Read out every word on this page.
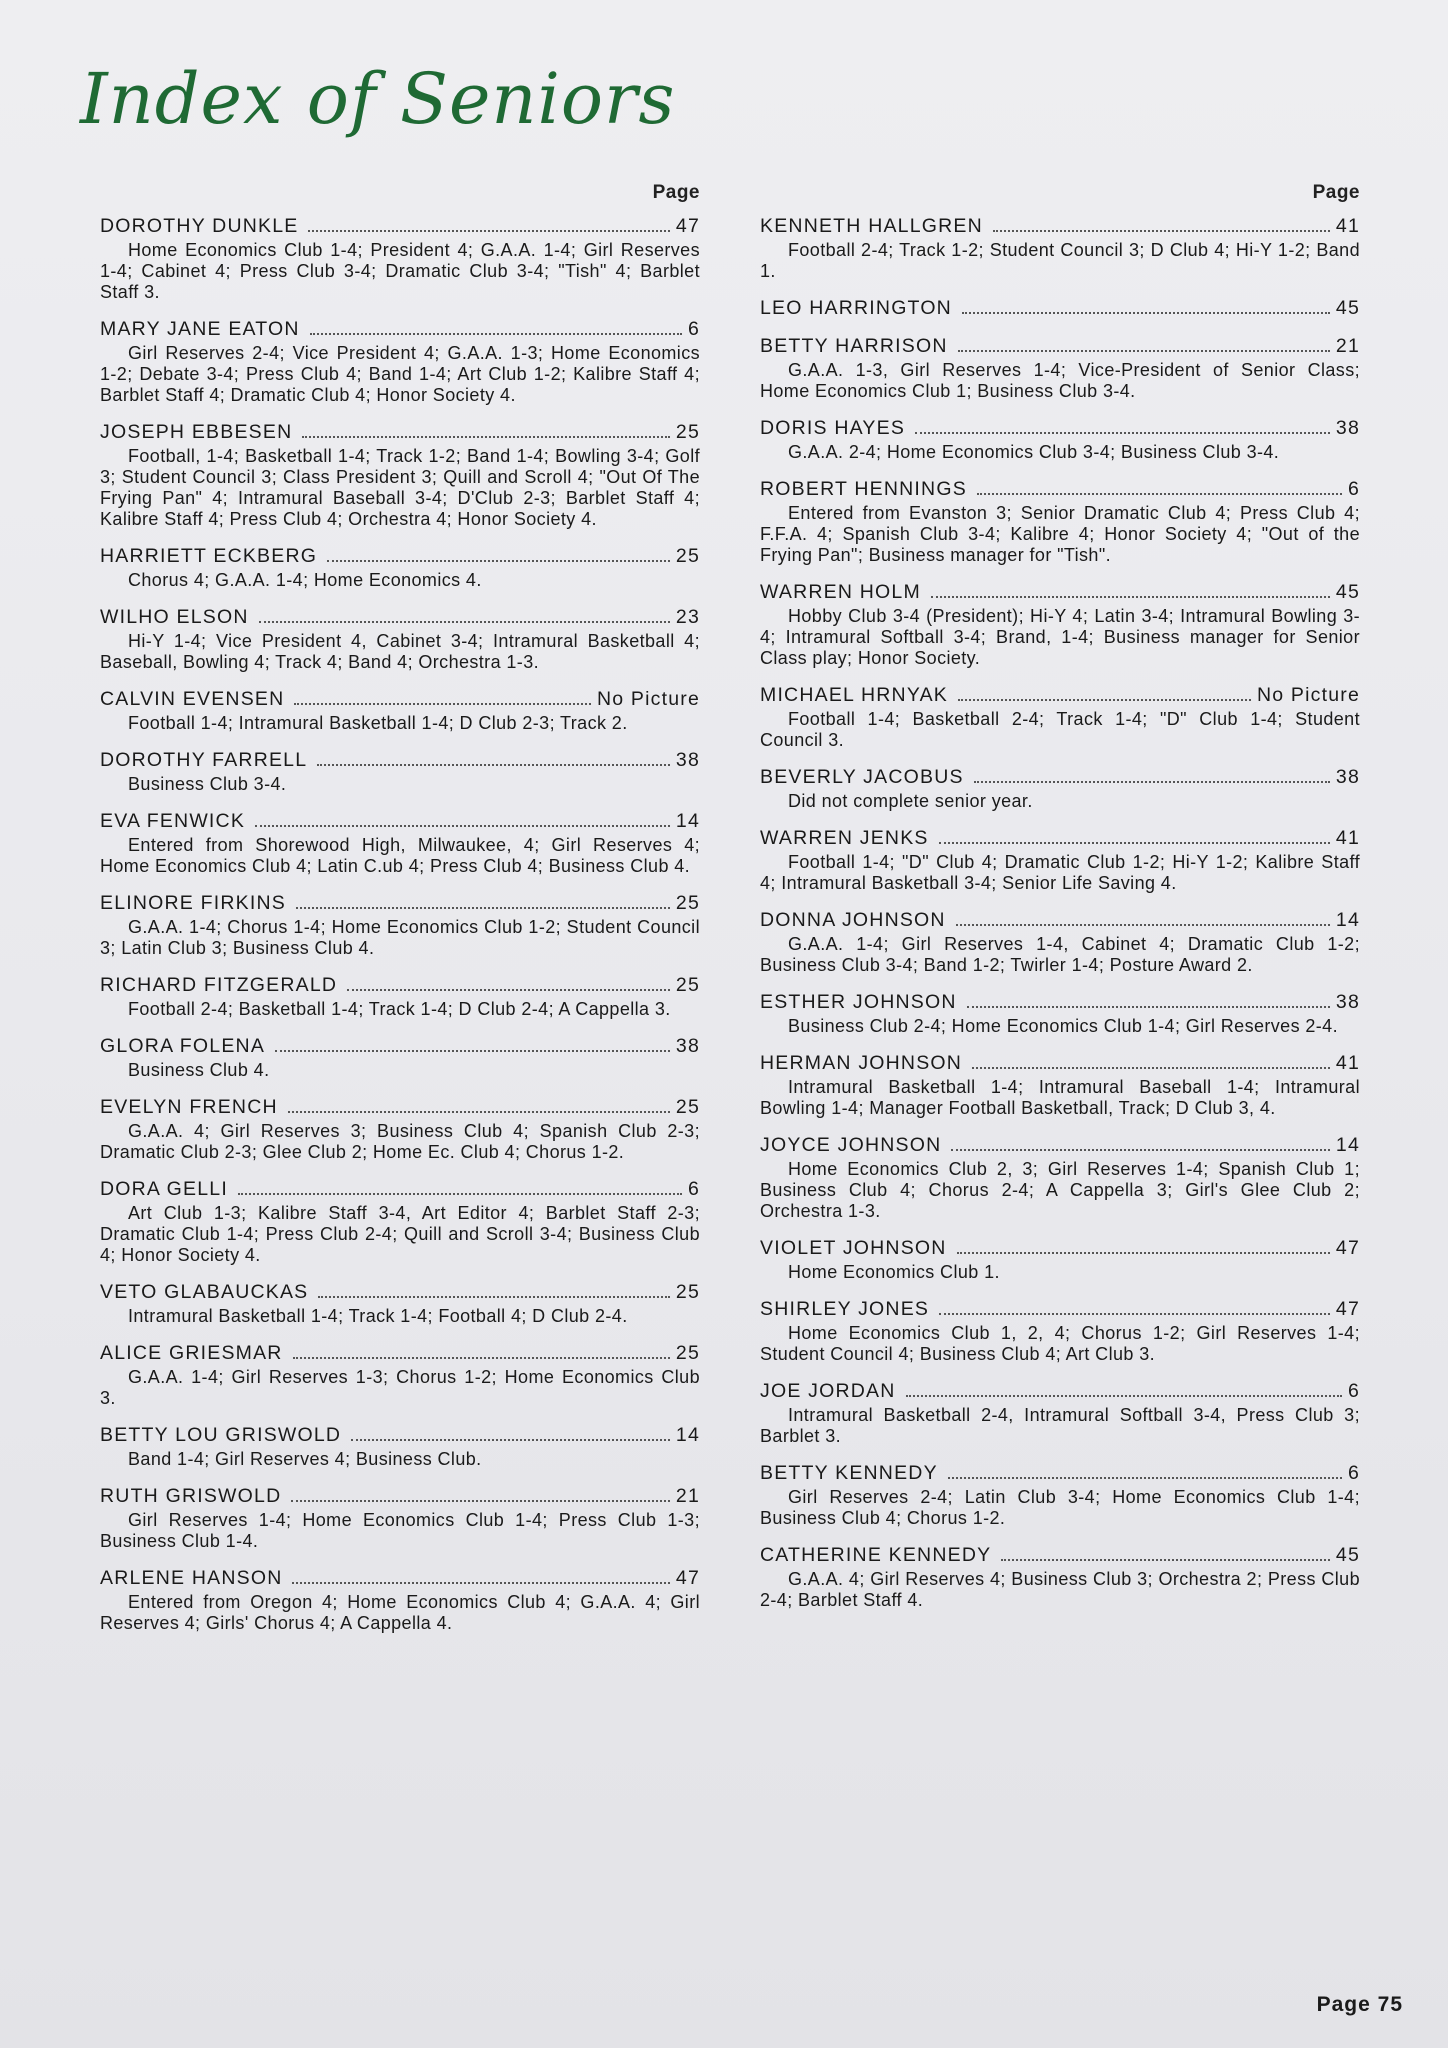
Index of Seniors
Page
DOROTHY DUNKLE	47
Home Economics Club 1-4; President 4; G.A.A. 1-4; Girl Reserves 1-4; Cabinet 4; Press Club 3-4; Dramatic Club 3-4; "Tish" 4; Barblet Staff 3.
MARY JANE EATON	6
Girl Reserves 2-4; Vice President 4; G.A.A. 1-3; Home Economics 1-2; Debate 3-4; Press Club 4; Band 1-4; Art Club 1-2; Kalibre Staff 4; Barblet Staff 4; Dramatic Club 4; Honor Society 4.
JOSEPH EBBESEN	25
Football, 1-4; Basketball 1-4; Track 1-2; Band 1-4; Bowling 3-4; Golf 3; Student Council 3; Class President 3; Quill and Scroll 4; "Out Of The Frying Pan" 4; Intramural Baseball 3-4; D'Club 2-3; Barblet Staff 4; Kalibre Staff 4; Press Club 4; Orchestra 4; Honor Society 4.
HARRIETT ECKBERG	25
Chorus 4; G.A.A. 1-4; Home Economics 4.
WILHO ELSON	23
Hi-Y 1-4; Vice President 4, Cabinet 3-4; Intramural Basketball 4; Baseball, Bowling 4; Track 4; Band 4; Orchestra 1-3.
CALVIN EVENSEN	No Picture
Football 1-4; Intramural Basketball 1-4; D Club 2-3; Track 2.
DOROTHY FARRELL	38
Business Club 3-4.
EVA FENWICK	14
Entered from Shorewood High, Milwaukee, 4; Girl Reserves 4; Home Economics Club 4; Latin C.ub 4; Press Club 4; Business Club 4.
ELINORE FIRKINS	25
G.A.A. 1-4; Chorus 1-4; Home Economics Club 1-2; Student Council 3; Latin Club 3; Business Club 4.
RICHARD FITZGERALD	25
Football 2-4; Basketball 1-4; Track 1-4; D Club 2-4; A Cappella 3.
GLORA FOLENA	38
Business Club 4.
EVELYN FRENCH	25
G.A.A. 4; Girl Reserves 3; Business Club 4; Spanish Club 2-3; Dramatic Club 2-3; Glee Club 2; Home Ec. Club 4; Chorus 1-2.
DORA GELLI	6
Art Club 1-3; Kalibre Staff 3-4, Art Editor 4; Barblet Staff 2-3; Dramatic Club 1-4; Press Club 2-4; Quill and Scroll 3-4; Business Club 4; Honor Society 4.
VETO GLABAUCKAS	25
Intramural Basketball 1-4; Track 1-4; Football 4; D Club 2-4.
ALICE GRIESMAR	25
G.A.A. 1-4; Girl Reserves 1-3; Chorus 1-2; Home Economics Club 3.
BETTY LOU GRISWOLD	14
Band 1-4; Girl Reserves 4; Business Club.
RUTH GRISWOLD	21
Girl Reserves 1-4; Home Economics Club 1-4; Press Club 1-3; Business Club 1-4.
ARLENE HANSON	47
Entered from Oregon 4; Home Economics Club 4; G.A.A. 4; Girl Reserves 4; Girls' Chorus 4; A Cappella 4.
Page
KENNETH HALLGREN	41
Football 2-4; Track 1-2; Student Council 3; D Club 4; Hi-Y 1-2; Band 1.
LEO HARRINGTON	45
BETTY HARRISON	21
G.A.A. 1-3, Girl Reserves 1-4; Vice-President of Senior Class; Home Economics Club 1; Business Club 3-4.
DORIS HAYES	38
G.A.A. 2-4; Home Economics Club 3-4; Business Club 3-4.
ROBERT HENNINGS	6
Entered from Evanston 3; Senior Dramatic Club 4; Press Club 4; F.F.A. 4; Spanish Club 3-4; Kalibre 4; Honor Society 4; "Out of the Frying Pan"; Business manager for "Tish".
WARREN HOLM	45
Hobby Club 3-4 (President); Hi-Y 4; Latin 3-4; Intramural Bowling 3-4; Intramural Softball 3-4; Brand, 1-4; Business manager for Senior Class play; Honor Society.
MICHAEL HRNYAK	No Picture
Football 1-4; Basketball 2-4; Track 1-4; "D" Club 1-4; Student Council 3.
BEVERLY JACOBUS	38
Did not complete senior year.
WARREN JENKS	41
Football 1-4; "D" Club 4; Dramatic Club 1-2; Hi-Y 1-2; Kalibre Staff 4; Intramural Basketball 3-4; Senior Life Saving 4.
DONNA JOHNSON	14
G.A.A. 1-4; Girl Reserves 1-4, Cabinet 4; Dramatic Club 1-2; Business Club 3-4; Band 1-2; Twirler 1-4; Posture Award 2.
ESTHER JOHNSON	38
Business Club 2-4; Home Economics Club 1-4; Girl Reserves 2-4.
HERMAN JOHNSON	41
Intramural Basketball 1-4; Intramural Baseball 1-4; Intramural Bowling 1-4; Manager Football Basketball, Track; D Club 3, 4.
JOYCE JOHNSON	14
Home Economics Club 2, 3; Girl Reserves 1-4; Spanish Club 1; Business Club 4; Chorus 2-4; A Cappella 3; Girl's Glee Club 2; Orchestra 1-3.
VIOLET JOHNSON	47
Home Economics Club 1.
SHIRLEY JONES	47
Home Economics Club 1, 2, 4; Chorus 1-2; Girl Reserves 1-4; Student Council 4; Business Club 4; Art Club 3.
JOE JORDAN	6
Intramural Basketball 2-4, Intramural Softball 3-4, Press Club 3; Barblet 3.
BETTY KENNEDY	6
Girl Reserves 2-4; Latin Club 3-4; Home Economics Club 1-4; Business Club 4; Chorus 1-2.
CATHERINE KENNEDY	45
G.A.A. 4; Girl Reserves 4; Business Club 3; Orchestra 2; Press Club 2-4; Barblet Staff 4.
Page 75
